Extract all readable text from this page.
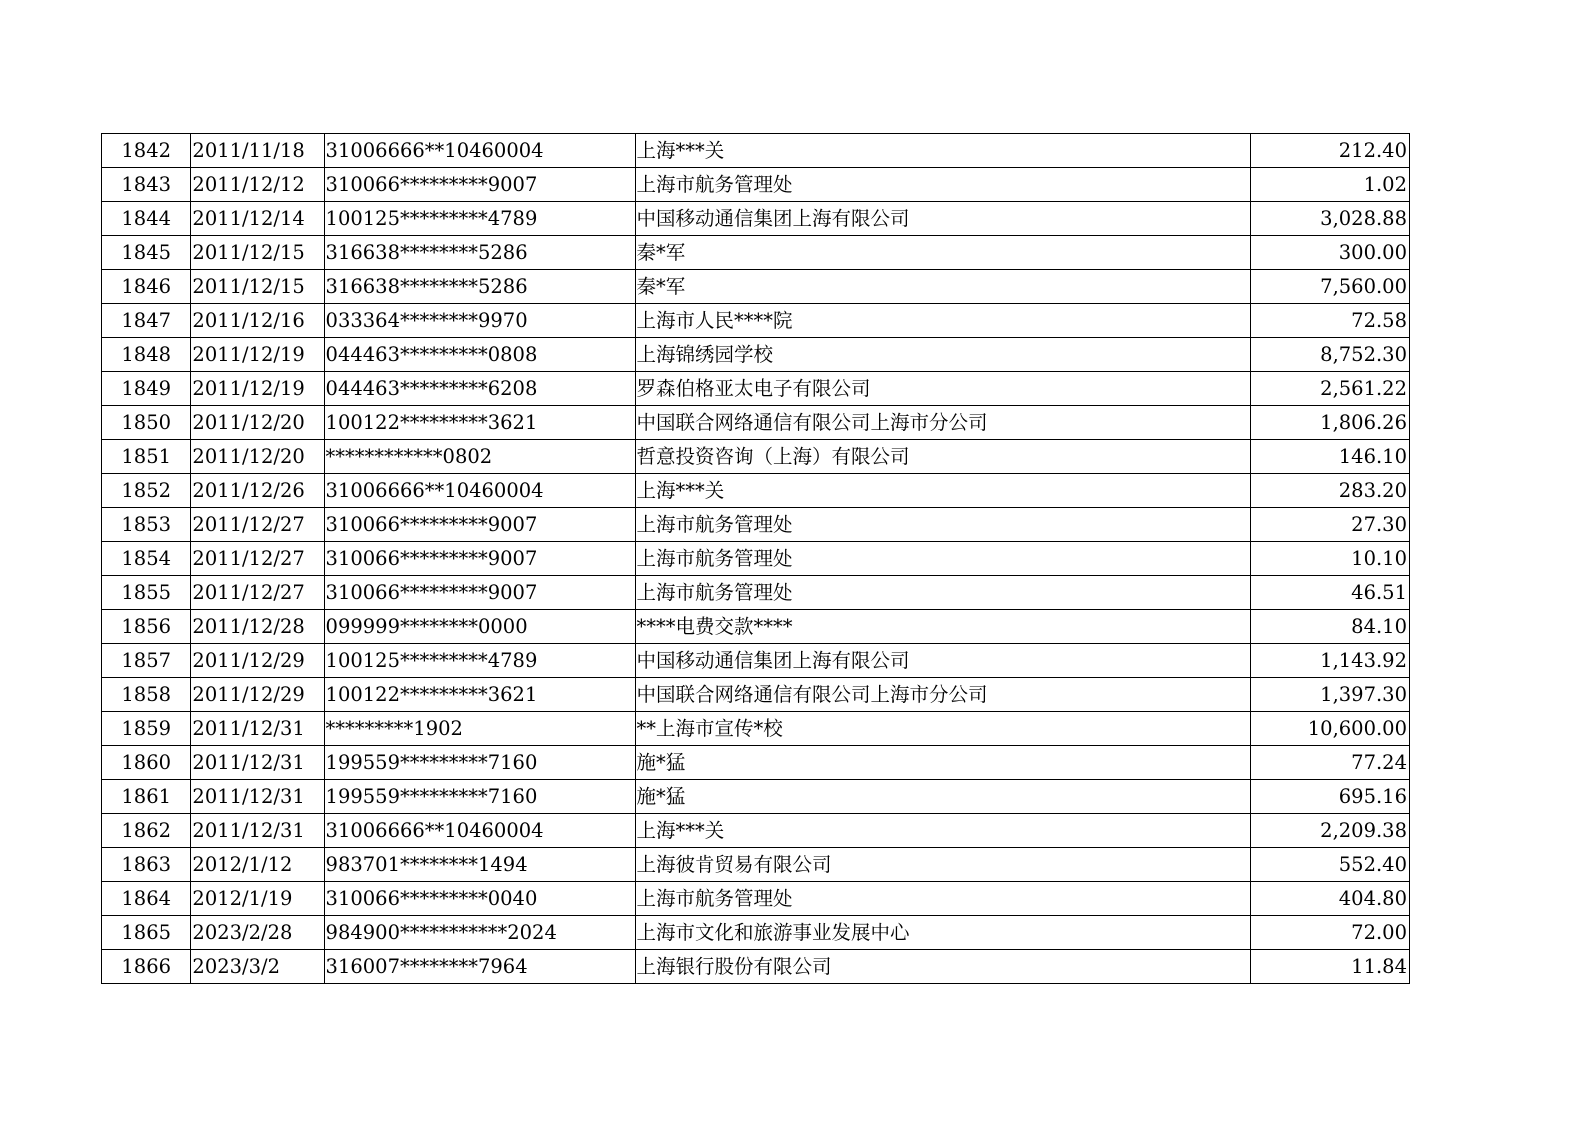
1842	2011/11/18	31006666**10460004	上海***关	212.40
1843	2011/12/12	310066*********9007	上海市航务管理处	1.02
1844	2011/12/14	100125*********4789	中国移动通信集团上海有限公司	3,028.88
1845	2011/12/15	316638********5286	秦*军	300.00
1846	2011/12/15	316638********5286	秦*军	7,560.00
1847	2011/12/16	033364********9970	上海市人民****院	72.58
1848	2011/12/19	044463*********0808	上海锦绣园学校	8,752.30
1849	2011/12/19	044463*********6208	罗森伯格亚太电子有限公司	2,561.22
1850	2011/12/20	100122*********3621	中国联合网络通信有限公司上海市分公司	1,806.26
1851	2011/12/20	************0802	哲意投资咨询（上海）有限公司	146.10
1852	2011/12/26	31006666**10460004	上海***关	283.20
1853	2011/12/27	310066*********9007	上海市航务管理处	27.30
1854	2011/12/27	310066*********9007	上海市航务管理处	10.10
1855	2011/12/27	310066*********9007	上海市航务管理处	46.51
1856	2011/12/28	099999********0000	****电费交款****	84.10
1857	2011/12/29	100125*********4789	中国移动通信集团上海有限公司	1,143.92
1858	2011/12/29	100122*********3621	中国联合网络通信有限公司上海市分公司	1,397.30
1859	2011/12/31	*********1902	**上海市宣传*校	10,600.00
1860	2011/12/31	199559*********7160	施*猛	77.24
1861	2011/12/31	199559*********7160	施*猛	695.16
1862	2011/12/31	31006666**10460004	上海***关	2,209.38
1863	2012/1/12	983701********1494	上海彼肯贸易有限公司	552.40
1864	2012/1/19	310066*********0040	上海市航务管理处	404.80
1865	2023/2/28	984900***********2024	上海市文化和旅游事业发展中心	72.00
1866	2023/3/2	316007********7964	上海银行股份有限公司	11.84
